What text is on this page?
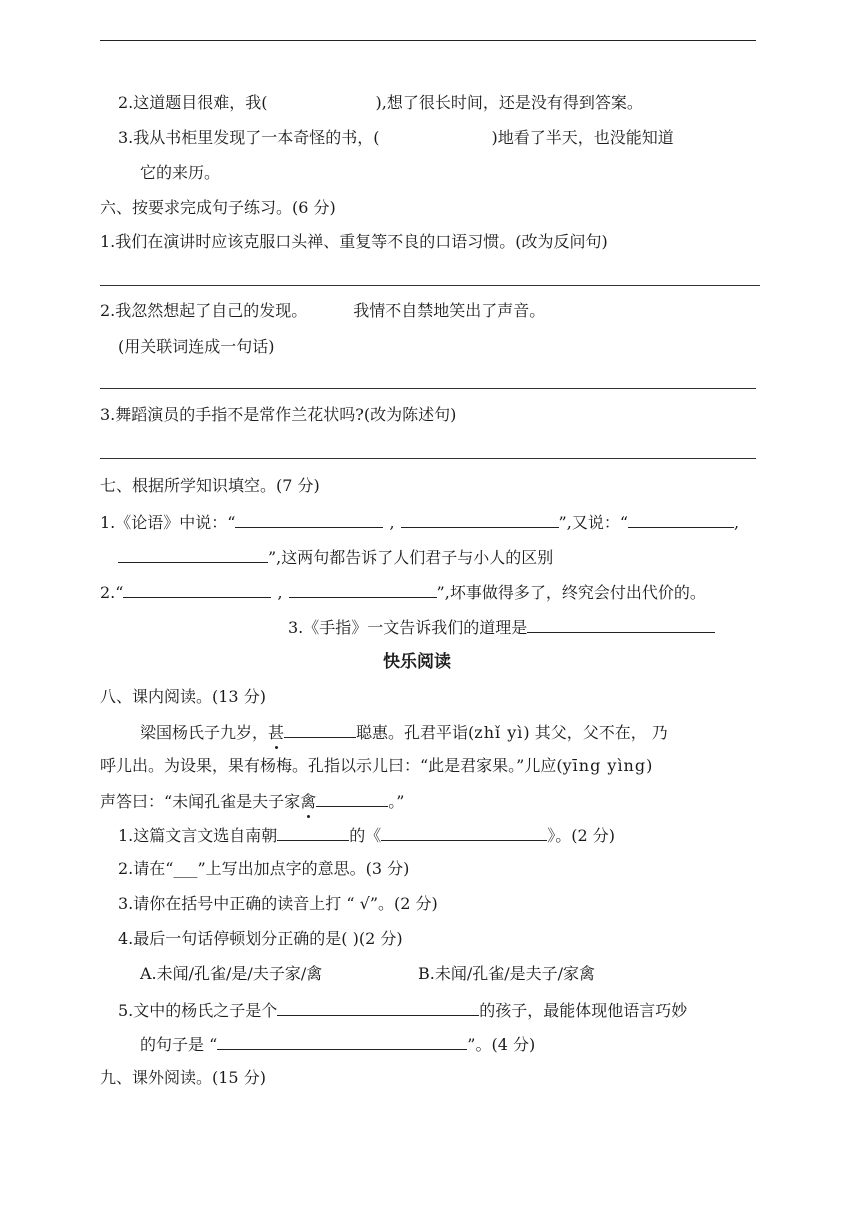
2.这道题目很难，我(	),想了很长时间，还是没有得到答案。
3.我从书柜里发现了一本奇怪的书，(	)地看了半天，也没能知道
它的来历。
六、按要求完成句子练习。(6 分)
1.我们在演讲时应该克服口头禅、重复等不良的口语习惯。(改为反问句)
2.我忽然想起了自己的发现。	我情不自禁地笑出了声音。
(用关联词连成一句话)
3.舞蹈演员的手指不是常作兰花状吗?(改为陈述句)
七、根据所学知识填空。(7 分)
1.《论语》中说：“	,	”,又说：“	,
”,这两句都告诉了人们君子与小人的区别
2.“	,	”,坏事做得多了，终究会付出代价的。
3.《手指》一文告诉我们的道理是
快乐阅读
八、课内阅读。(13 分)
梁国杨氏子九岁，甚	聪惠。孔君平诣(zhǐ yì) 其父，父不在， 乃
呼儿出。为设果，果有杨梅。孔指以示儿曰：“此是君家果。”儿应(yīng yìng)
声答曰：“未闻孔雀是夫子家禽	。”
1.这篇文言文选自南朝	的《	》。(2 分)
2.请在“___”上写出加点字的意思。(3 分)
3.请你在括号中正确的读音上打 “ √”。(2 分)
4.最后一句话停顿划分正确的是( )(2 分)
A.未闻/孔雀/是/夫子家/禽	B.未闻/孔雀/是夫子/家禽
5.文中的杨氏之子是个	的孩子，最能体现他语言巧妙
的句子是 “	”。(4 分)
九、课外阅读。(15 分)
